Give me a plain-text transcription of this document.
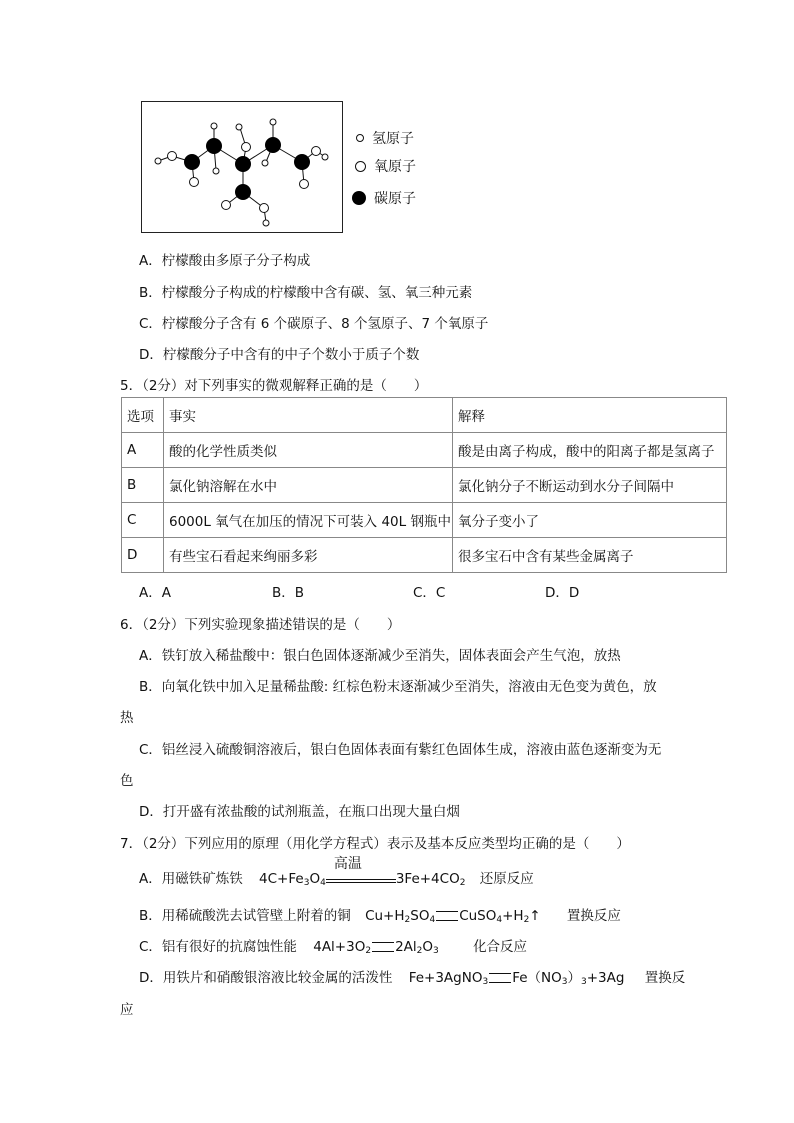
氢原子
氧原子
碳原子
A．柠檬酸由多原子分子构成
B．柠檬酸分子构成的柠檬酸中含有碳、氢、氧三种元素
C．柠檬酸分子含有 6 个碳原子、8 个氢原子、7 个氧原子
D．柠檬酸分子中含有的中子个数小于质子个数
5．（2分）对下列事实的微观解释正确的是（　　）
选项	事实	解释
A	酸的化学性质类似	酸是由离子构成，酸中的阳离子都是氢离子
B	氯化钠溶解在水中	氯化钠分子不断运动到水分子间隔中
C	6000L 氧气在加压的情况下可装入 40L 钢瓶中	氧分子变小了
D	有些宝石看起来绚丽多彩	很多宝石中含有某些金属离子
A．A	B．B	C．C	D．D
6．（2分）下列实验现象描述错误的是（　　）
A．铁钉放入稀盐酸中：银白色固体逐渐减少至消失，固体表面会产生气泡，放热
B．向氧化铁中加入足量稀盐酸: 红棕色粉末逐渐减少至消失，溶液由无色变为黄色，放
热
C．铝丝浸入硫酸铜溶液后，银白色固体表面有紫红色固体生成，溶液由蓝色逐渐变为无
色
D．打开盛有浓盐酸的试剂瓶盖，在瓶口出现大量白烟
7．（2分）下列应用的原理（用化学方程式）表示及基本反应类型均正确的是（　　）
A．用磁铁矿炼铁 $4C+Fe_3O_4$
高温
$3Fe+4CO_2$ 还原反应
B．用稀硫酸洗去试管壁上附着的铜 $Cu+H_2SO_4$ $CuSO_4+H_2↑$ 置换反应
C．铝有很好的抗腐蚀性能 $4Al+3O_2$ $2Al_2O_3$	化合反应
D．用铁片和硝酸银溶液比较金属的活泼性 Fe+3AgNO$_3$ $Fe(NO_3)_3+3Ag$ 置换反
应
